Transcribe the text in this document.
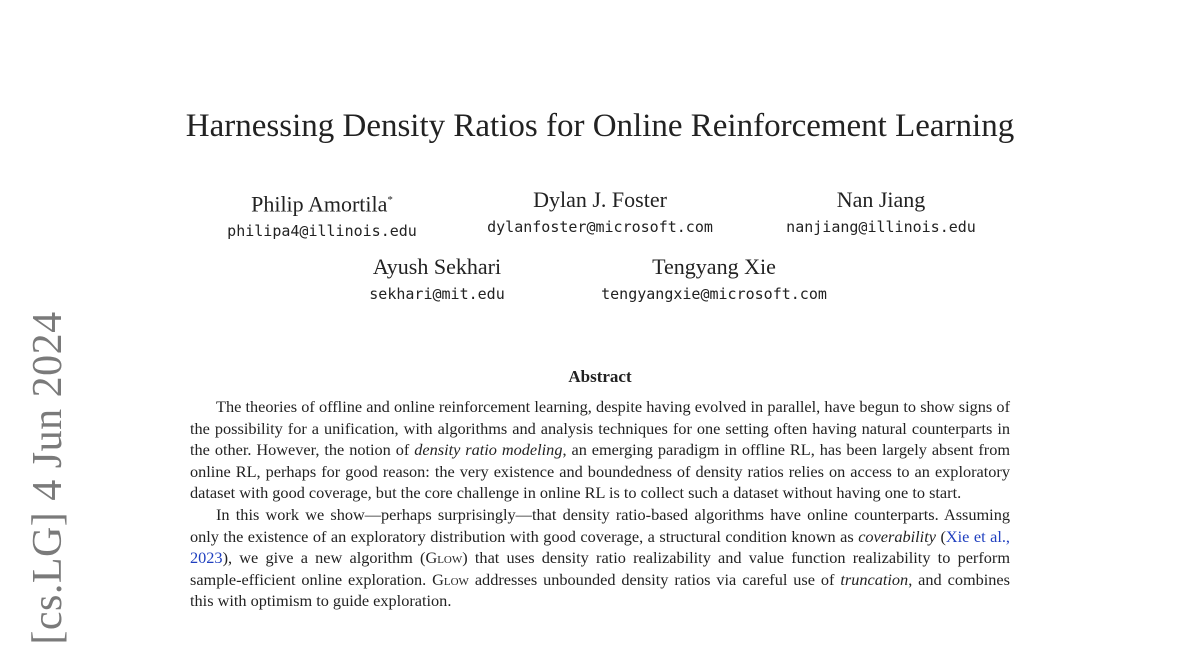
[cs.LG] 4 Jun 2024
Harnessing Density Ratios for Online Reinforcement Learning
Philip Amortila*
philipa4@illinois.edu
Dylan J. Foster
dylanfoster@microsoft.com
Nan Jiang
nanjiang@illinois.edu
Ayush Sekhari
sekhari@mit.edu
Tengyang Xie
tengyangxie@microsoft.com
Abstract

The theories of offline and online reinforcement learning, despite having evolved in parallel, have begun to show signs of the possibility for a unification, with algorithms and analysis techniques for one setting often having natural counterparts in the other. However, the notion of density ratio modeling, an emerging paradigm in offline RL, has been largely absent from online RL, perhaps for good reason: the very existence and boundedness of density ratios relies on access to an exploratory dataset with good coverage, but the core challenge in online RL is to collect such a dataset without having one to start.

In this work we show—perhaps surprisingly—that density ratio-based algorithms have online counterparts. Assuming only the existence of an exploratory distribution with good coverage, a structural condition known as coverability (Xie et al., 2023), we give a new algorithm (Glow) that uses density ratio realizability and value function realizability to perform sample-efficient online exploration. Glow addresses unbounded density ratios via careful use of truncation, and combines this with optimism to guide exploration.
